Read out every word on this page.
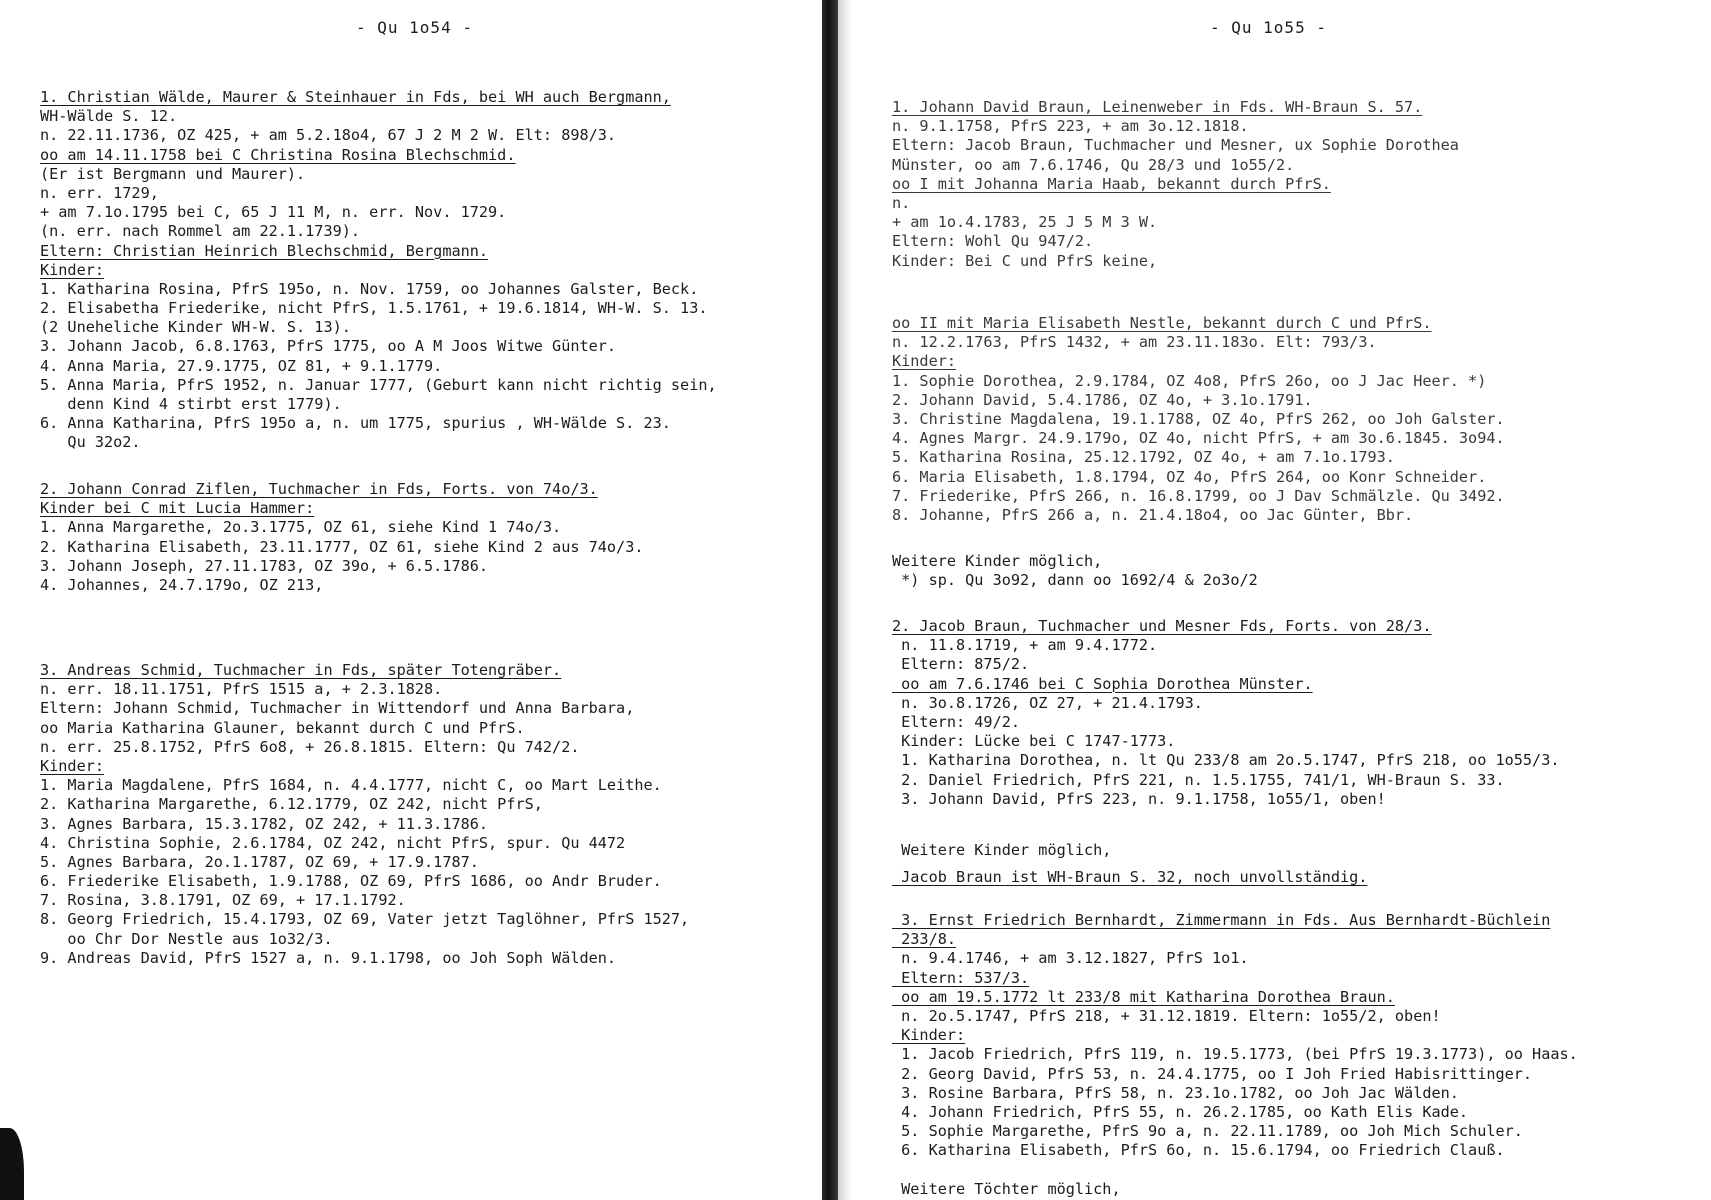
- Qu 1o54 -
1. Christian Wälde, Maurer & Steinhauer in Fds, bei WH auch Bergmann,
WH-Wälde S. 12.
n. 22.11.1736, OZ 425, + am 5.2.18o4, 67 J 2 M 2 W. Elt: 898/3.
oo am 14.11.1758 bei C Christina Rosina Blechschmid.
(Er ist Bergmann und Maurer).
n. err. 1729,
+ am 7.1o.1795 bei C, 65 J 11 M, n. err. Nov. 1729.
(n. err. nach Rommel am 22.1.1739).
Eltern: Christian Heinrich Blechschmid, Bergmann.
Kinder:
1. Katharina Rosina, PfrS 195o, n. Nov. 1759, oo Johannes Galster, Beck.
2. Elisabetha Friederike, nicht PfrS, 1.5.1761, + 19.6.1814, WH-W. S. 13.
(2 Uneheliche Kinder WH-W. S. 13).
3. Johann Jacob, 6.8.1763, PfrS 1775, oo A M Joos Witwe Günter.
4. Anna Maria, 27.9.1775, OZ 81, + 9.1.1779.
5. Anna Maria, PfrS 1952, n. Januar 1777, (Geburt kann nicht richtig sein,
denn Kind 4 stirbt erst 1779).
6. Anna Katharina, PfrS 195o a, n. um 1775, spurius , WH-Wälde S. 23.
Qu 32o2.
2. Johann Conrad Ziflen, Tuchmacher in Fds, Forts. von 74o/3.
Kinder bei C mit Lucia Hammer:
1. Anna Margarethe, 2o.3.1775, OZ 61, siehe Kind 1 74o/3.
2. Katharina Elisabeth, 23.11.1777, OZ 61, siehe Kind 2 aus 74o/3.
3. Johann Joseph, 27.11.1783, OZ 39o, + 6.5.1786.
4. Johannes, 24.7.179o, OZ 213,
3. Andreas Schmid, Tuchmacher in Fds, später Totengräber.
n. err. 18.11.1751, PfrS 1515 a, + 2.3.1828.
Eltern: Johann Schmid, Tuchmacher in Wittendorf und Anna Barbara,
oo Maria Katharina Glauner, bekannt durch C und PfrS.
n. err. 25.8.1752, PfrS 6o8, + 26.8.1815. Eltern: Qu 742/2.
Kinder:
1. Maria Magdalene, PfrS 1684, n. 4.4.1777, nicht C, oo Mart Leithe.
2. Katharina Margarethe, 6.12.1779, OZ 242, nicht PfrS,
3. Agnes Barbara, 15.3.1782, OZ 242, + 11.3.1786.
4. Christina Sophie, 2.6.1784, OZ 242, nicht PfrS, spur. Qu 4472
5. Agnes Barbara, 2o.1.1787, OZ 69, + 17.9.1787.
6. Friederike Elisabeth, 1.9.1788, OZ 69, PfrS 1686, oo Andr Bruder.
7. Rosina, 3.8.1791, OZ 69, + 17.1.1792.
8. Georg Friedrich, 15.4.1793, OZ 69, Vater jetzt Taglöhner, PfrS 1527,
oo Chr Dor Nestle aus 1o32/3.
9. Andreas David, PfrS 1527 a, n. 9.1.1798, oo Joh Soph Wälden.
- Qu 1o55 -
1. Johann David Braun, Leinenweber in Fds. WH-Braun S. 57.
n. 9.1.1758, PfrS 223, + am 3o.12.1818.
Eltern: Jacob Braun, Tuchmacher und Mesner, ux Sophie Dorothea
Münster, oo am 7.6.1746, Qu 28/3 und 1o55/2.
oo I mit Johanna Maria Haab, bekannt durch PfrS.
n.
+ am 1o.4.1783, 25 J 5 M 3 W.
Eltern: Wohl Qu 947/2.
Kinder: Bei C und PfrS keine,
oo II mit Maria Elisabeth Nestle, bekannt durch C und PfrS.
n. 12.2.1763, PfrS 1432, + am 23.11.183o. Elt: 793/3.
Kinder:
1. Sophie Dorothea, 2.9.1784, OZ 4o8, PfrS 26o, oo J Jac Heer. *)
2. Johann David, 5.4.1786, OZ 4o, + 3.1o.1791.
3. Christine Magdalena, 19.1.1788, OZ 4o, PfrS 262, oo Joh Galster.
4. Agnes Margr. 24.9.179o, OZ 4o, nicht PfrS, + am 3o.6.1845. 3o94.
5. Katharina Rosina, 25.12.1792, OZ 4o, + am 7.1o.1793.
6. Maria Elisabeth, 1.8.1794, OZ 4o, PfrS 264, oo Konr Schneider.
7. Friederike, PfrS 266, n. 16.8.1799, oo J Dav Schmälzle. Qu 3492.
8. Johanne, PfrS 266 a, n. 21.4.18o4, oo Jac Günter, Bbr.
Weitere Kinder möglich,
*) sp. Qu 3o92, dann oo 1692/4 & 2o3o/2
2. Jacob Braun, Tuchmacher und Mesner Fds, Forts. von 28/3.
n. 11.8.1719, + am 9.4.1772.
Eltern: 875/2.
oo am 7.6.1746 bei C Sophia Dorothea Münster.
n. 3o.8.1726, OZ 27, + 21.4.1793.
Eltern: 49/2.
Kinder: Lücke bei C 1747-1773.
1. Katharina Dorothea, n. lt Qu 233/8 am 2o.5.1747, PfrS 218, oo 1o55/3.
2. Daniel Friedrich, PfrS 221, n. 1.5.1755, 741/1, WH-Braun S. 33.
3. Johann David, PfrS 223, n. 9.1.1758, 1o55/1, oben!
Weitere Kinder möglich,
Jacob Braun ist WH-Braun S. 32, noch unvollständig.
3. Ernst Friedrich Bernhardt, Zimmermann in Fds. Aus Bernhardt-Büchlein
233/8.
n. 9.4.1746, + am 3.12.1827, PfrS 1o1.
Eltern: 537/3.
oo am 19.5.1772 lt 233/8 mit Katharina Dorothea Braun.
n. 2o.5.1747, PfrS 218, + 31.12.1819. Eltern: 1o55/2, oben!
Kinder:
1. Jacob Friedrich, PfrS 119, n. 19.5.1773, (bei PfrS 19.3.1773), oo Haas.
2. Georg David, PfrS 53, n. 24.4.1775, oo I Joh Fried Habisrittinger.
3. Rosine Barbara, PfrS 58, n. 23.1o.1782, oo Joh Jac Wälden.
4. Johann Friedrich, PfrS 55, n. 26.2.1785, oo Kath Elis Kade.
5. Sophie Margarethe, PfrS 9o a, n. 22.11.1789, oo Joh Mich Schuler.
6. Katharina Elisabeth, PfrS 6o, n. 15.6.1794, oo Friedrich Clauß.
Weitere Töchter möglich,
